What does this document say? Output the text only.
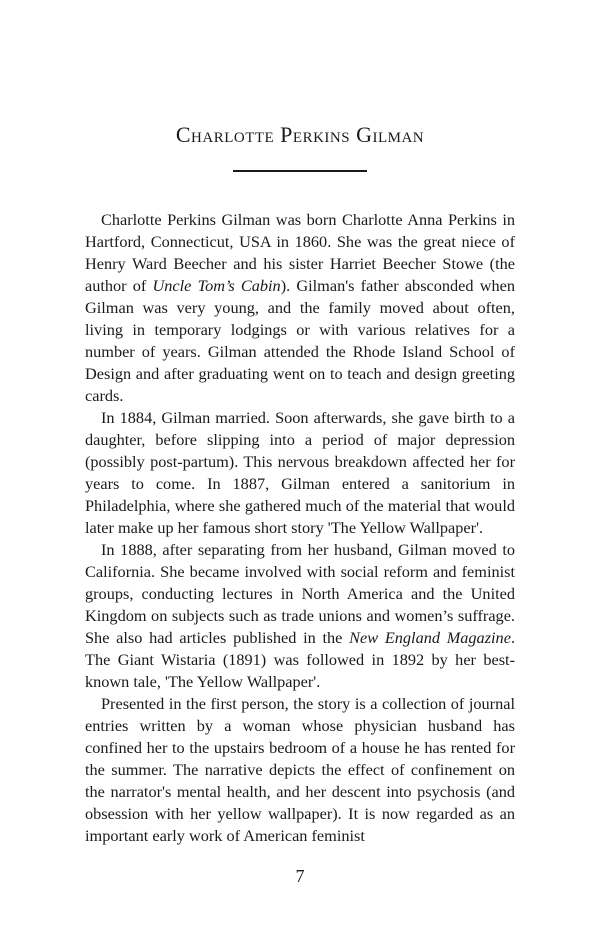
Charlotte Perkins Gilman

Charlotte Perkins Gilman was born Charlotte Anna Perkins in Hartford, Connecticut, USA in 1860. She was the great niece of Henry Ward Beecher and his sister Harriet Beecher Stowe (the author of Uncle Tom’s Cabin). Gilman's father absconded when Gilman was very young, and the family moved about often, living in temporary lodgings or with various relatives for a number of years. Gilman attended the Rhode Island School of Design and after graduating went on to teach and design greeting cards.

In 1884, Gilman married. Soon afterwards, she gave birth to a daughter, before slipping into a period of major depression (possibly post-partum). This nervous breakdown affected her for years to come. In 1887, Gilman entered a sanitorium in Philadelphia, where she gathered much of the material that would later make up her famous short story 'The Yellow Wallpaper'.

In 1888, after separating from her husband, Gilman moved to California. She became involved with social reform and feminist groups, conducting lectures in North America and the United Kingdom on subjects such as trade unions and women’s suffrage. She also had articles published in the New England Magazine. The Giant Wistaria (1891) was followed in 1892 by her best-known tale, 'The Yellow Wallpaper'.

Presented in the first person, the story is a collection of journal entries written by a woman whose physician husband has confined her to the upstairs bedroom of a house he has rented for the summer. The narrative depicts the effect of confinement on the narrator's mental health, and her descent into psychosis (and obsession with her yellow wallpaper). It is now regarded as an important early work of American feminist

7
